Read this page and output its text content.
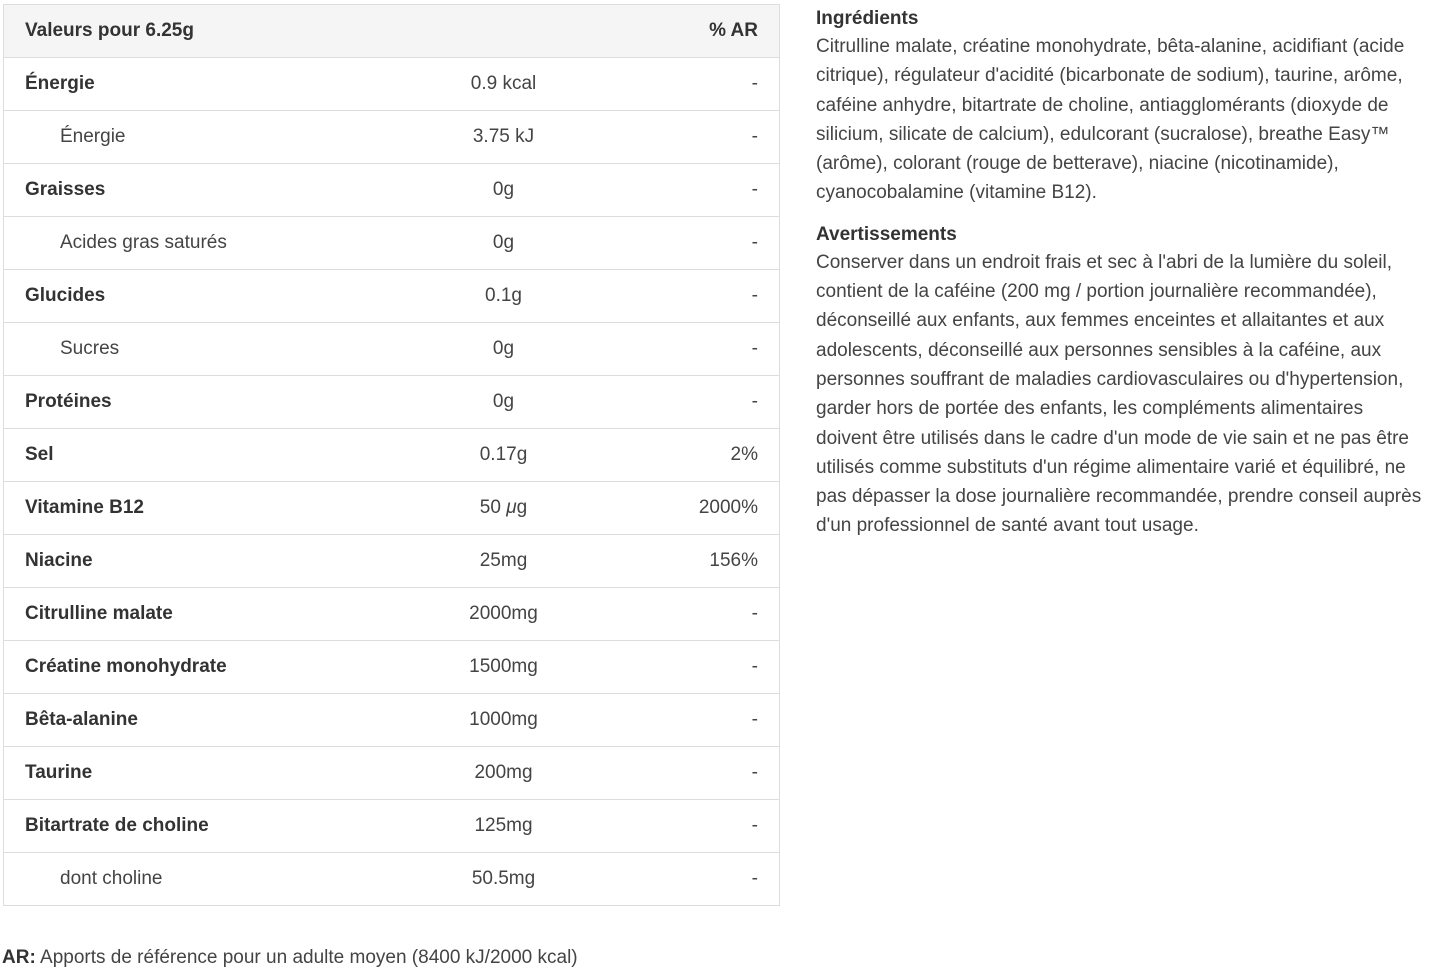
Valeurs pour 6.25g		% AR
Énergie	0.9 kcal	-
Énergie	3.75 kJ	-
Graisses	0g	-
Acides gras saturés	0g	-
Glucides	0.1g	-
Sucres	0g	-
Protéines	0g	-
Sel	0.17g	2%
Vitamine B12	50 μg	2000%
Niacine	25mg	156%
Citrulline malate	2000mg	-
Créatine monohydrate	1500mg	-
Bêta-alanine	1000mg	-
Taurine	200mg	-
Bitartrate de choline	125mg	-
dont choline	50.5mg	-
AR: Apports de référence pour un adulte moyen (8400 kJ/2000 kcal)
Ingrédients

Citrulline malate, créatine monohydrate, bêta-alanine, acidifiant (acide citrique), régulateur d'acidité (bicarbonate de sodium), taurine, arôme, caféine anhydre, bitartrate de choline, antiagglomérants (dioxyde de silicium, silicate de calcium), edulcorant (sucralose), breathe Easy™ (arôme), colorant (rouge de betterave), niacine (nicotinamide), cyanocobalamine (vitamine B12).

Avertissements

Conserver dans un endroit frais et sec à l'abri de la lumière du soleil, contient de la caféine (200 mg / portion journalière recommandée), déconseillé aux enfants, aux femmes enceintes et allaitantes et aux adolescents, déconseillé aux personnes sensibles à la caféine, aux personnes souffrant de maladies cardiovasculaires ou d'hypertension, garder hors de portée des enfants, les compléments alimentaires doivent être utilisés dans le cadre d'un mode de vie sain et ne pas être utilisés comme substituts d'un régime alimentaire varié et équilibré, ne pas dépasser la dose journalière recommandée, prendre conseil auprès d'un professionnel de santé avant tout usage.
